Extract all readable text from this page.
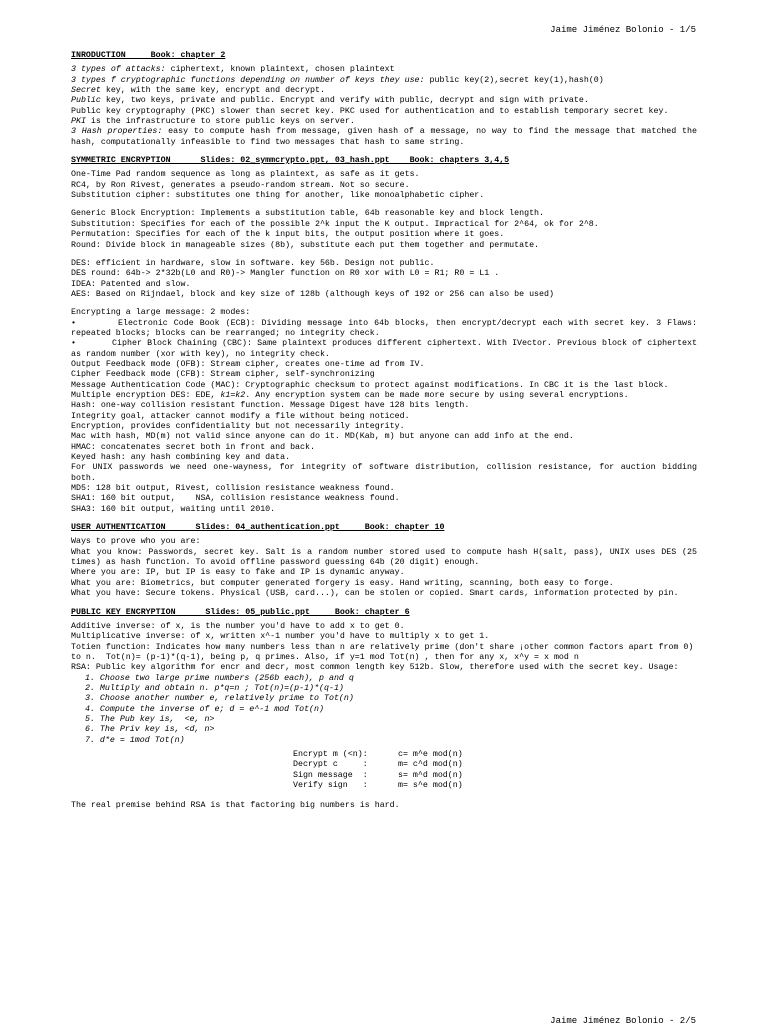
Jaime Jiménez Bolonio - 1/5
INRODUCTION     Book: chapter 2
3 types of attacks: ciphertext, known plaintext, chosen plaintext
3 types f cryptographic functions depending on number of keys they use: public key(2),secret key(1),hash(0)
Secret key, with the same key, encrypt and decrypt.
Public key, two keys, private and public. Encrypt and verify with public, decrypt and sign with private.
Public key cryptography (PKC) slower than secret key. PKC used for authentication and to establish temporary secret key.
PKI is the infrastructure to store public keys on server.
3 Hash properties: easy to compute hash from message, given hash of a message, no way to find the message that matched the hash, computationally infeasible to find two messages that hash to same string.
SYMMETRIC ENCRYPTION      Slides: 02_symmcrypto.ppt, 03_hash.ppt    Book: chapters 3,4,5
One-Time Pad random sequence as long as plaintext, as safe as it gets.
RC4, by Ron Rivest, generates a pseudo-random stream. Not so secure.
Substitution cipher: substitutes one thing for another, like monoalphabetic cipher.
Generic Block Encryption: Implements a substitution table, 64b reasonable key and block length.
Substitution: Specifies for each of the possible 2^k input the K output. Impractical for 2^64, ok for 2^8.
Permutation: Specifies for each of the k input bits, the output position where it goes.
Round: Divide block in manageable sizes (8b), substitute each put them together and permutate.
DES: efficient in hardware, slow in software. key 56b. Design not public.
DES round: 64b-> 2*32b(L0 and R0)-> Mangler function on R0 xor with L0 = R1; R0 = L1 .
IDEA: Patented and slow.
AES: Based on Rijndael, block and key size of 128b (although keys of 192 or 256 can also be used)
Encrypting a large message: 2 modes:
•       Electronic Code Book (ECB): Dividing message into 64b blocks, then encrypt/decrypt each with secret key. 3 Flaws: repeated blocks; blocks can be rearranged; no integrity check.
•       Cipher Block Chaining (CBC): Same plaintext produces different ciphertext. With IVector. Previous block of ciphertext as random number (xor with key), no integrity check.
Output Feedback mode (OFB): Stream cipher, creates one-time ad from IV.
Cipher Feedback mode (CFB): Stream cipher, self-synchronizing
Message Authentication Code (MAC): Cryptographic checksum to protect against modifications. In CBC it is the last block.
Multiple encryption DES: EDE, k1=k2. Any encryption system can be made more secure by using several encryptions.
Hash: one-way collision resistant function. Message Digest have 128 bits length.
Integrity goal, attacker cannot modify a file without being noticed.
Encryption, provides confidentiality but not necessarily integrity.
Mac with hash, MD(m) not valid since anyone can do it. MD(Kab, m) but anyone can add info at the end.
HMAC: concatenates secret both in front and back.
Keyed hash: any hash combining key and data.
For UNIX passwords we need one-wayness, for integrity of software distribution, collision resistance, for auction bidding both.
MD5: 128 bit output, Rivest, collision resistance weakness found.
SHA1: 160 bit output,    NSA, collision resistance weakness found.
SHA3: 160 bit output, waiting until 2010.
USER AUTHENTICATION      Slides: 04_authentication.ppt     Book: chapter 10
Ways to prove who you are:
What you know: Passwords, secret key. Salt is a random number stored used to compute hash H(salt, pass), UNIX uses DES (25 times) as hash function. To avoid offline password guessing 64b (20 digit) enough.
Where you are: IP, but IP is easy to fake and IP is dynamic anyway.
What you are: Biometrics, but computer generated forgery is easy. Hand writing, scanning, both easy to forge.
What you have: Secure tokens. Physical (USB, card...), can be stolen or copied. Smart cards, information protected by pin.
PUBLIC KEY ENCRYPTION      Slides: 05_public.ppt     Book: chapter 6
Additive inverse: of x, is the number you'd have to add x to get 0.
Multiplicative inverse: of x, written x^-1 number you'd have to multiply x to get 1.
Totien function: Indicates how many numbers less than n are relatively prime (don't share ¡other common factors apart from 0) to n.  Tot(n)= (p-1)*(q-1), being p, q primes. Also, if y=1 mod Tot(n) , then for any x, x^y = x mod n
RSA: Public key algorithm for encr and decr, most common length key 512b. Slow, therefore used with the secret key. Usage:
1. Choose two large prime numbers (256b each), p and q
2. Multiply and obtain n. p*q=n ; Tot(n)=(p-1)*(q-1)
3. Choose another number e, relatively prime to Tot(n)
4. Compute the inverse of e; d = e^-1 mod Tot(n)
5. The Pub key is,  <e, n>
6. The Priv key is, <d, n>
7. d*e = 1mod Tot(n)
Encrypt m (<n):	c= m^e mod(n)
Decrypt c     :	m= c^d mod(n)
Sign message  :	s= m^d mod(n)
Verify sign   :	m= s^e mod(n)
The real premise behind RSA is that factoring big numbers is hard.
Jaime Jiménez Bolonio - 2/5
